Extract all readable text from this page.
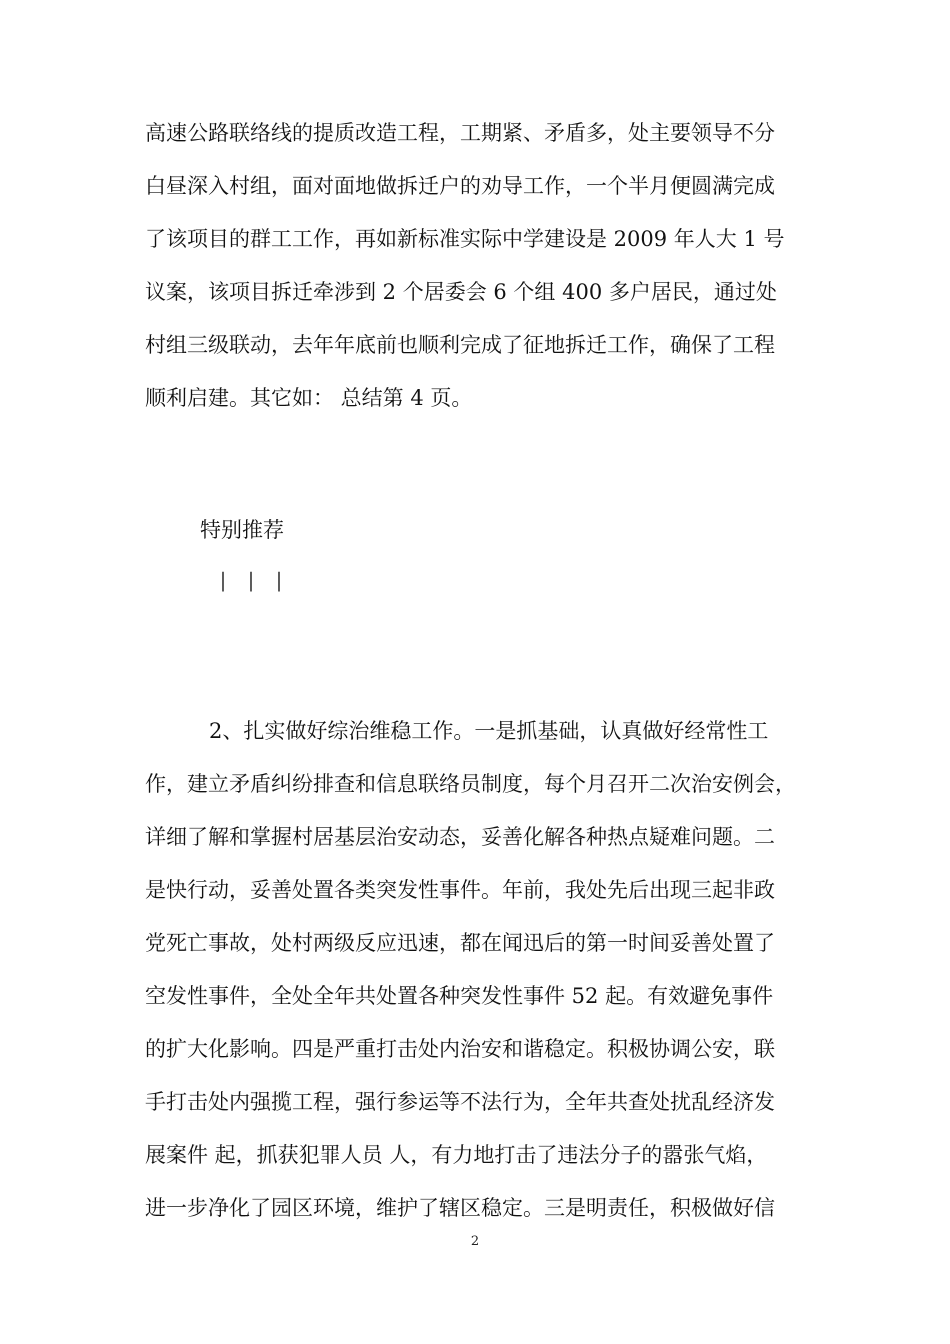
高速公路联络线的提质改造工程，工期紧、矛盾多，处主要领导不分
白昼深入村组，面对面地做拆迁户的劝导工作，一个半月便圆满完成
了该项目的群工工作，再如新标准实际中学建设是 2009 年人大 1 号
议案，该项目拆迁牵涉到 2 个居委会 6 个组 400 多户居民，通过处
村组三级联动，去年年底前也顺利完成了征地拆迁工作，确保了工程
顺利启建。其它如： 总结第 4 页。
特别推荐
|	|	|
2、扎实做好综治维稳工作。一是抓基础，认真做好经常性工
作，建立矛盾纠纷排查和信息联络员制度，每个月召开二次治安例会，
详细了解和掌握村居基层治安动态，妥善化解各种热点疑难问题。二
是快行动，妥善处置各类突发性事件。年前，我处先后出现三起非政
党死亡事故，处村两级反应迅速，都在闻迅后的第一时间妥善处置了
空发性事件，全处全年共处置各种突发性事件 52 起。有效避免事件
的扩大化影响。四是严重打击处内治安和谐稳定。积极协调公安，联
手打击处内强揽工程，强行参运等不法行为，全年共查处扰乱经济发
展案件 起，抓获犯罪人员 人，有力地打击了违法分子的嚣张气焰，
进一步净化了园区环境，维护了辖区稳定。三是明责任，积极做好信
2
